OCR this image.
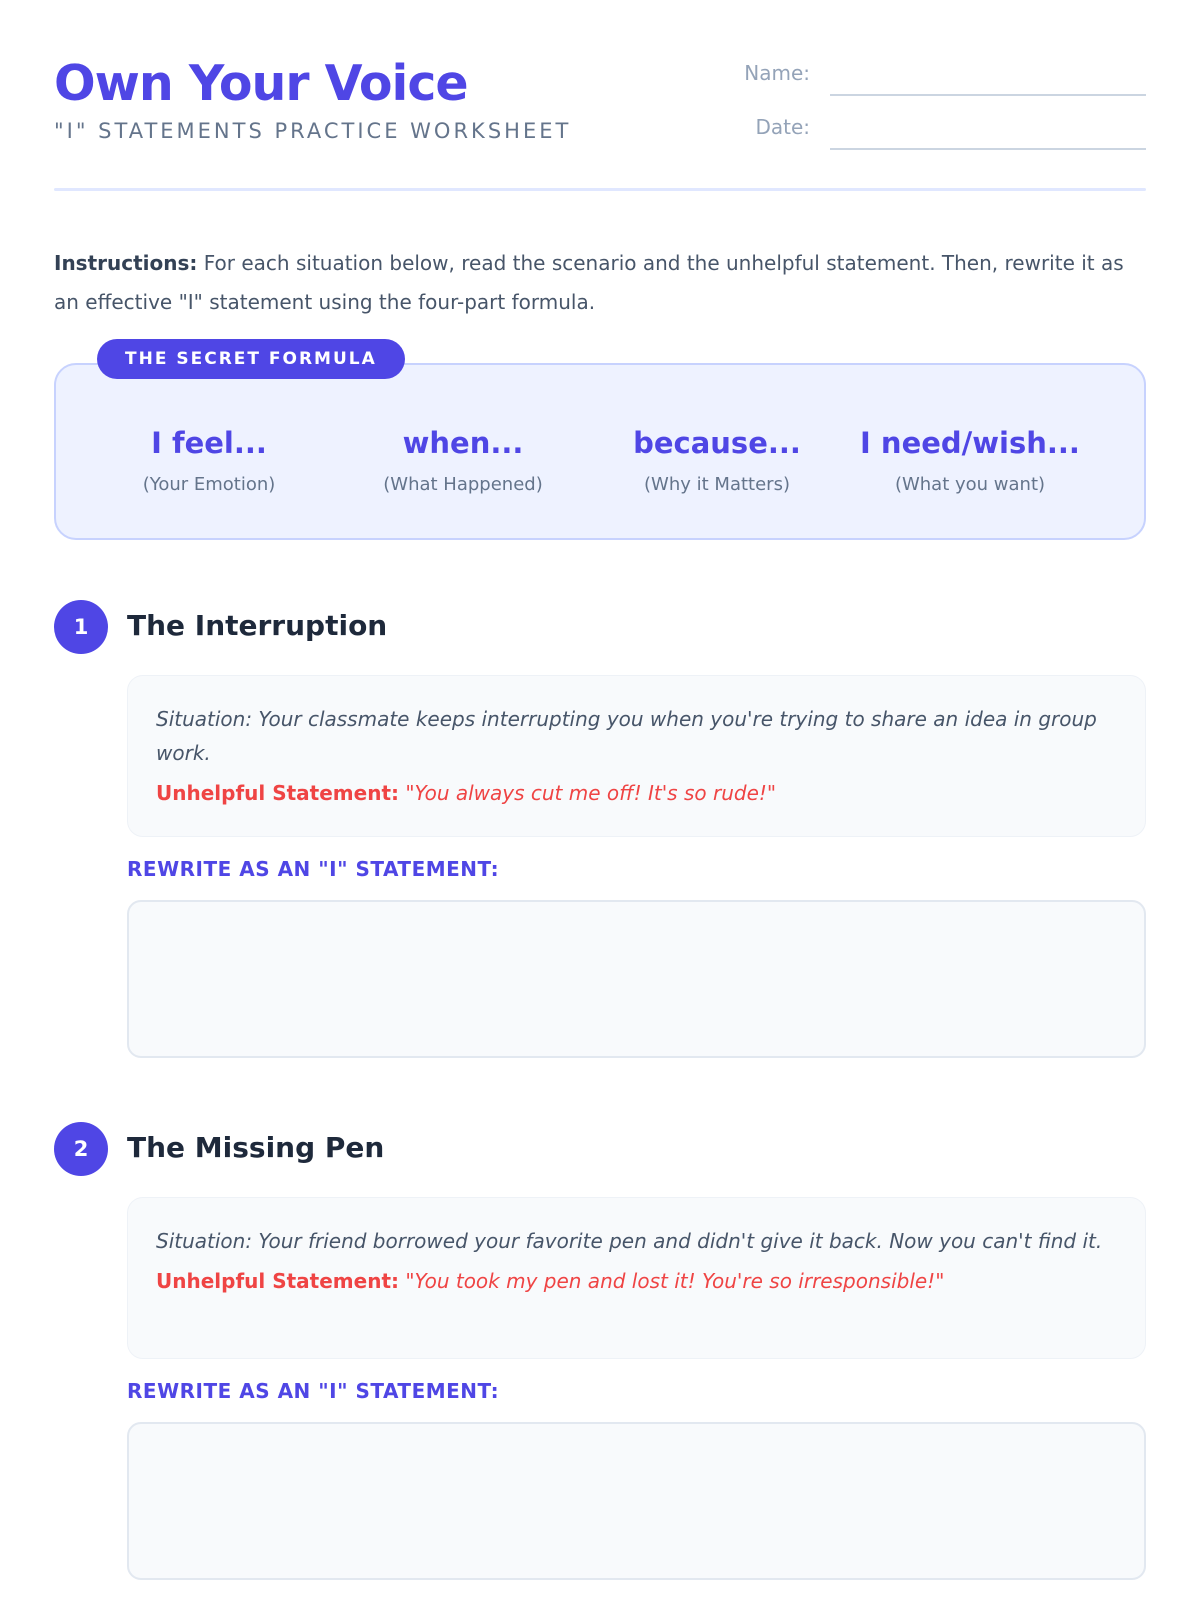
Own Your Voice
"I" STATEMENTS PRACTICE WORKSHEET
Name:
Date:

Instructions: For each situation below, read the scenario and the unhelpful statement. Then, rewrite it as an effective "I" statement using the four-part formula.

I feel...
(Your Emotion)
when...
(What Happened)
because...
(Why it Matters)
I need/wish...
(What you want)
THE SECRET FORMULA
1	The Interruption
Situation: Your classmate keeps interrupting you when you're trying to share an idea in group work.
Unhelpful Statement: "You always cut me off! It's so rude!"
REWRITE AS AN "I" STATEMENT:
2	The Missing Pen
Situation: Your friend borrowed your favorite pen and didn't give it back. Now you can't find it.
Unhelpful Statement: "You took my pen and lost it! You're so irresponsible!"
REWRITE AS AN "I" STATEMENT:
